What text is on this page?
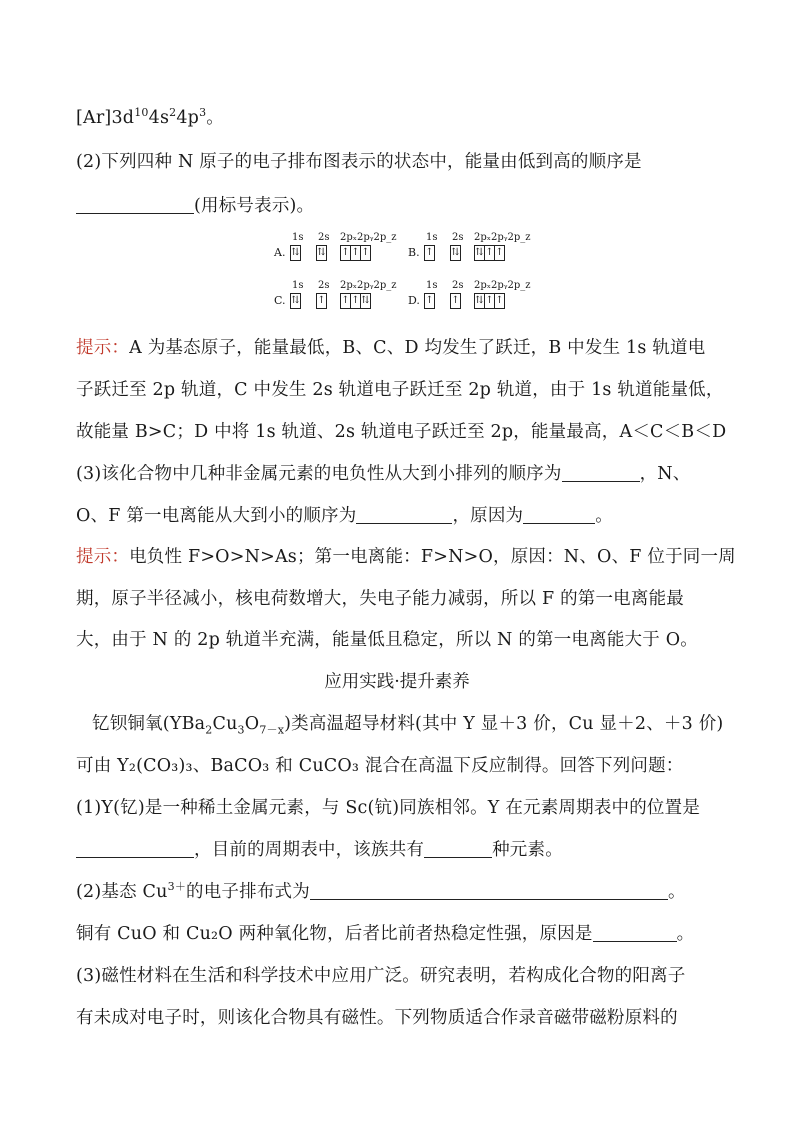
$[Ar]3d^{10}4s^24p^3$。
(2)下列四种 N 原子的电子排布图表示的状态中，能量由低到高的顺序是
(用标号表示)。
1s 2s 2pₓ2pᵧ2p_z	1s 2s 2pₓ2pᵧ2p_z
A. ⇅ ⇅ ↑ ↑ ↑	B. ↑ ⇅ ⇅ ↑ ↑
1s 2s 2pₓ2pᵧ2p_z	1s 2s 2pₓ2pᵧ2p_z
C. ⇅ ↑ ↑ ↑ ⇅	D. ↑ ↑ ⇅ ↑ ↑
提示：A 为基态原子，能量最低，B、C、D 均发生了跃迁，B 中发生 1s 轨道电
子跃迁至 2p 轨道，C 中发生 2s 轨道电子跃迁至 2p 轨道，由于 1s 轨道能量低，
故能量 B>C；D 中将 1s 轨道、2s 轨道电子跃迁至 2p，能量最高，A＜C＜B＜D
(3)该化合物中几种非金属元素的电负性从大到小排列的顺序为	，N、
O、F 第一电离能从大到小的顺序为	，原因为	。
提示：电负性 F>O>N>As；第一电离能：F>N>O，原因：N、O、F 位于同一周
期，原子半径减小，核电荷数增大，失电子能力减弱，所以 F 的第一电离能最
大，由于 N 的 2p 轨道半充满，能量低且稳定，所以 N 的第一电离能大于 O。
应用实践·提升素养
钇钡铜氧$(YBa_2Cu_3O_{7-x})$类高温超导材料(其中 Y 显＋3 价，Cu 显＋2、＋3 价)
可由 Y₂(CO₃)₃、BaCO₃ 和 CuCO₃ 混合在高温下反应制得。回答下列问题：
(1)Y(钇)是一种稀土金属元素，与 Sc(钪)同族相邻。Y 在元素周期表中的位置是
，目前的周期表中，该族共有	种元素。
(2)基态 $Cu^{3+}$的电子排布式为	。
铜有 CuO 和 Cu₂O 两种氧化物，后者比前者热稳定性强，原因是	。
(3)磁性材料在生活和科学技术中应用广泛。研究表明，若构成化合物的阳离子
有未成对电子时，则该化合物具有磁性。下列物质适合作录音磁带磁粉原料的
